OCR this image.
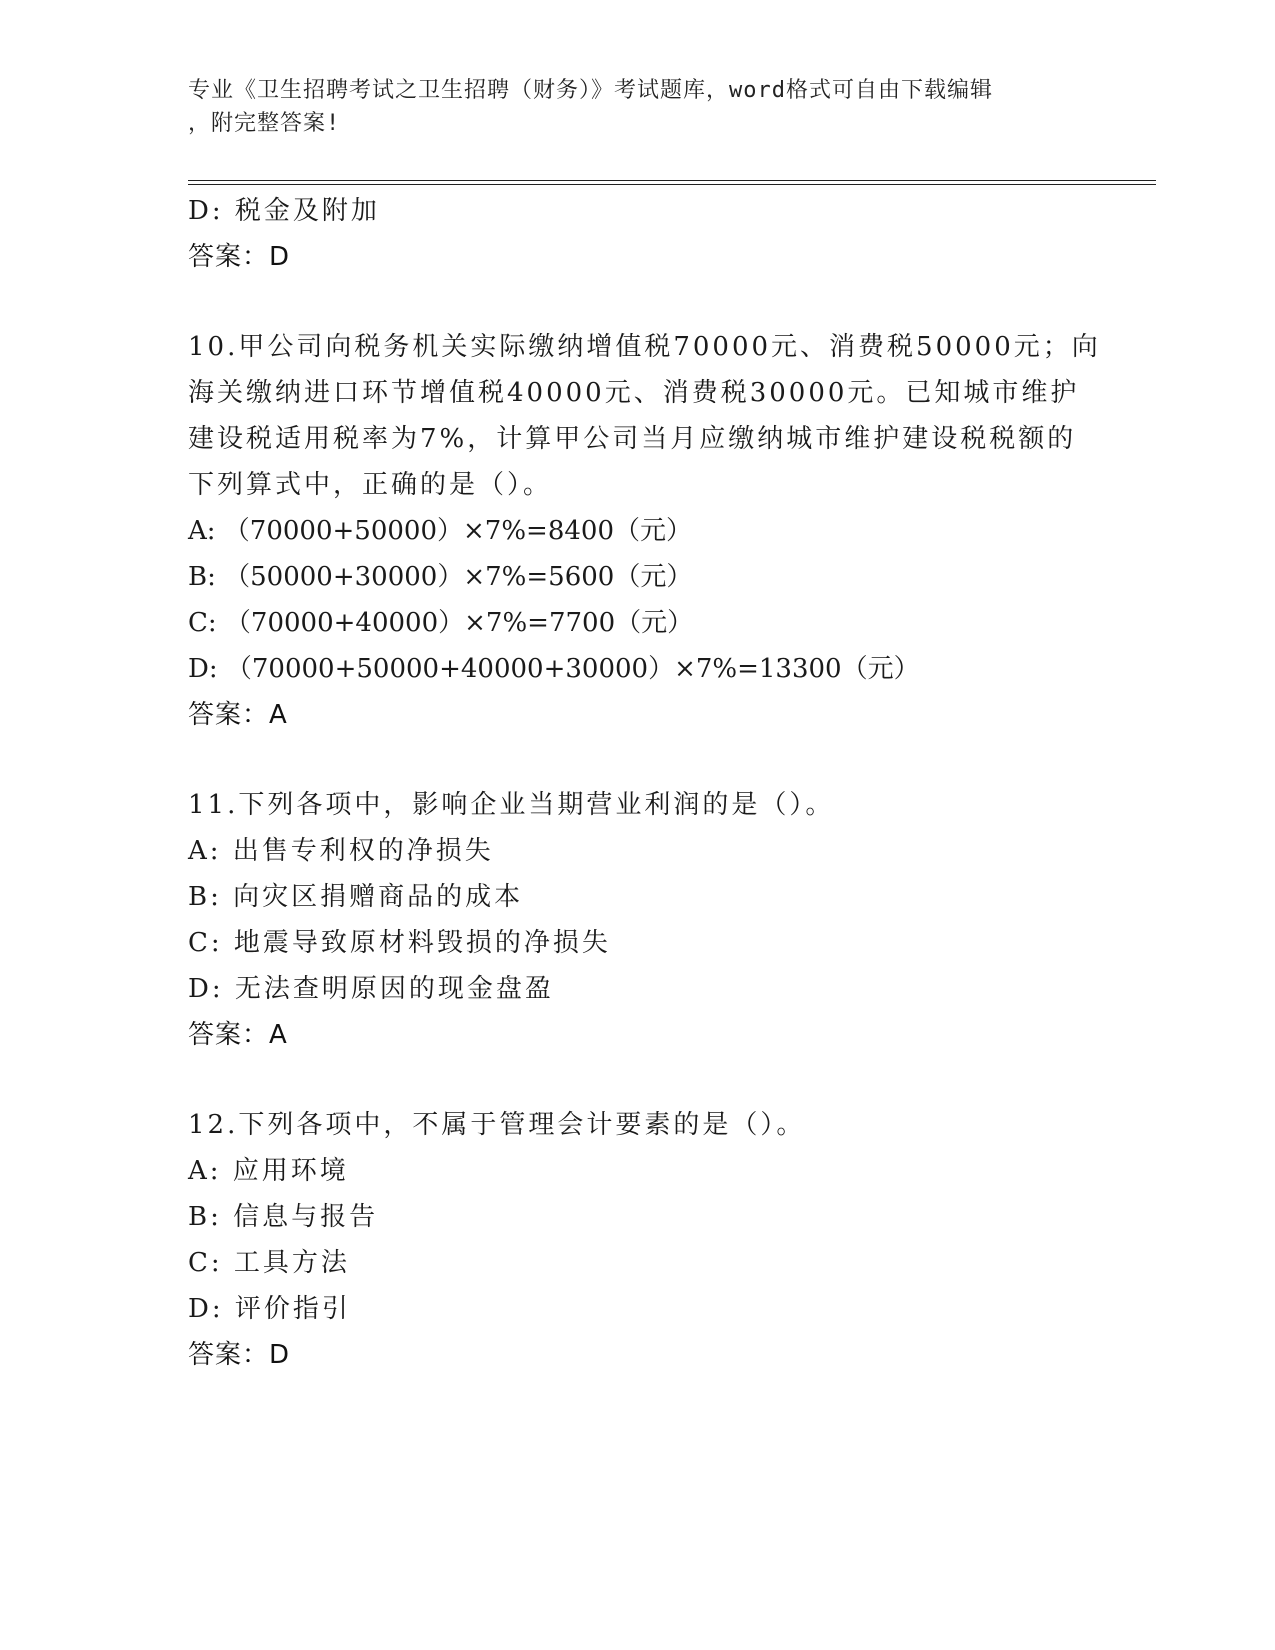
专业《卫生招聘考试之卫生招聘（财务）》考试题库，word格式可自由下载编辑
，附完整答案!
D: 税金及附加
答案：D
10.甲公司向税务机关实际缴纳增值税70000元、消费税50000元；向
海关缴纳进口环节增值税40000元、消费税30000元。已知城市维护
建设税适用税率为7%，计算甲公司当月应缴纳城市维护建设税税额的
下列算式中，正确的是（）。
A: （70000+50000）×7%=8400（元）
B: （50000+30000）×7%=5600（元）
C: （70000+40000）×7%=7700（元）
D: （70000+50000+40000+30000）×7%=13300（元）
答案：A
11.下列各项中，影响企业当期营业利润的是（）。
A: 出售专利权的净损失
B: 向灾区捐赠商品的成本
C: 地震导致原材料毁损的净损失
D: 无法查明原因的现金盘盈
答案：A
12.下列各项中，不属于管理会计要素的是（）。
A: 应用环境
B: 信息与报告
C: 工具方法
D: 评价指引
答案：D
